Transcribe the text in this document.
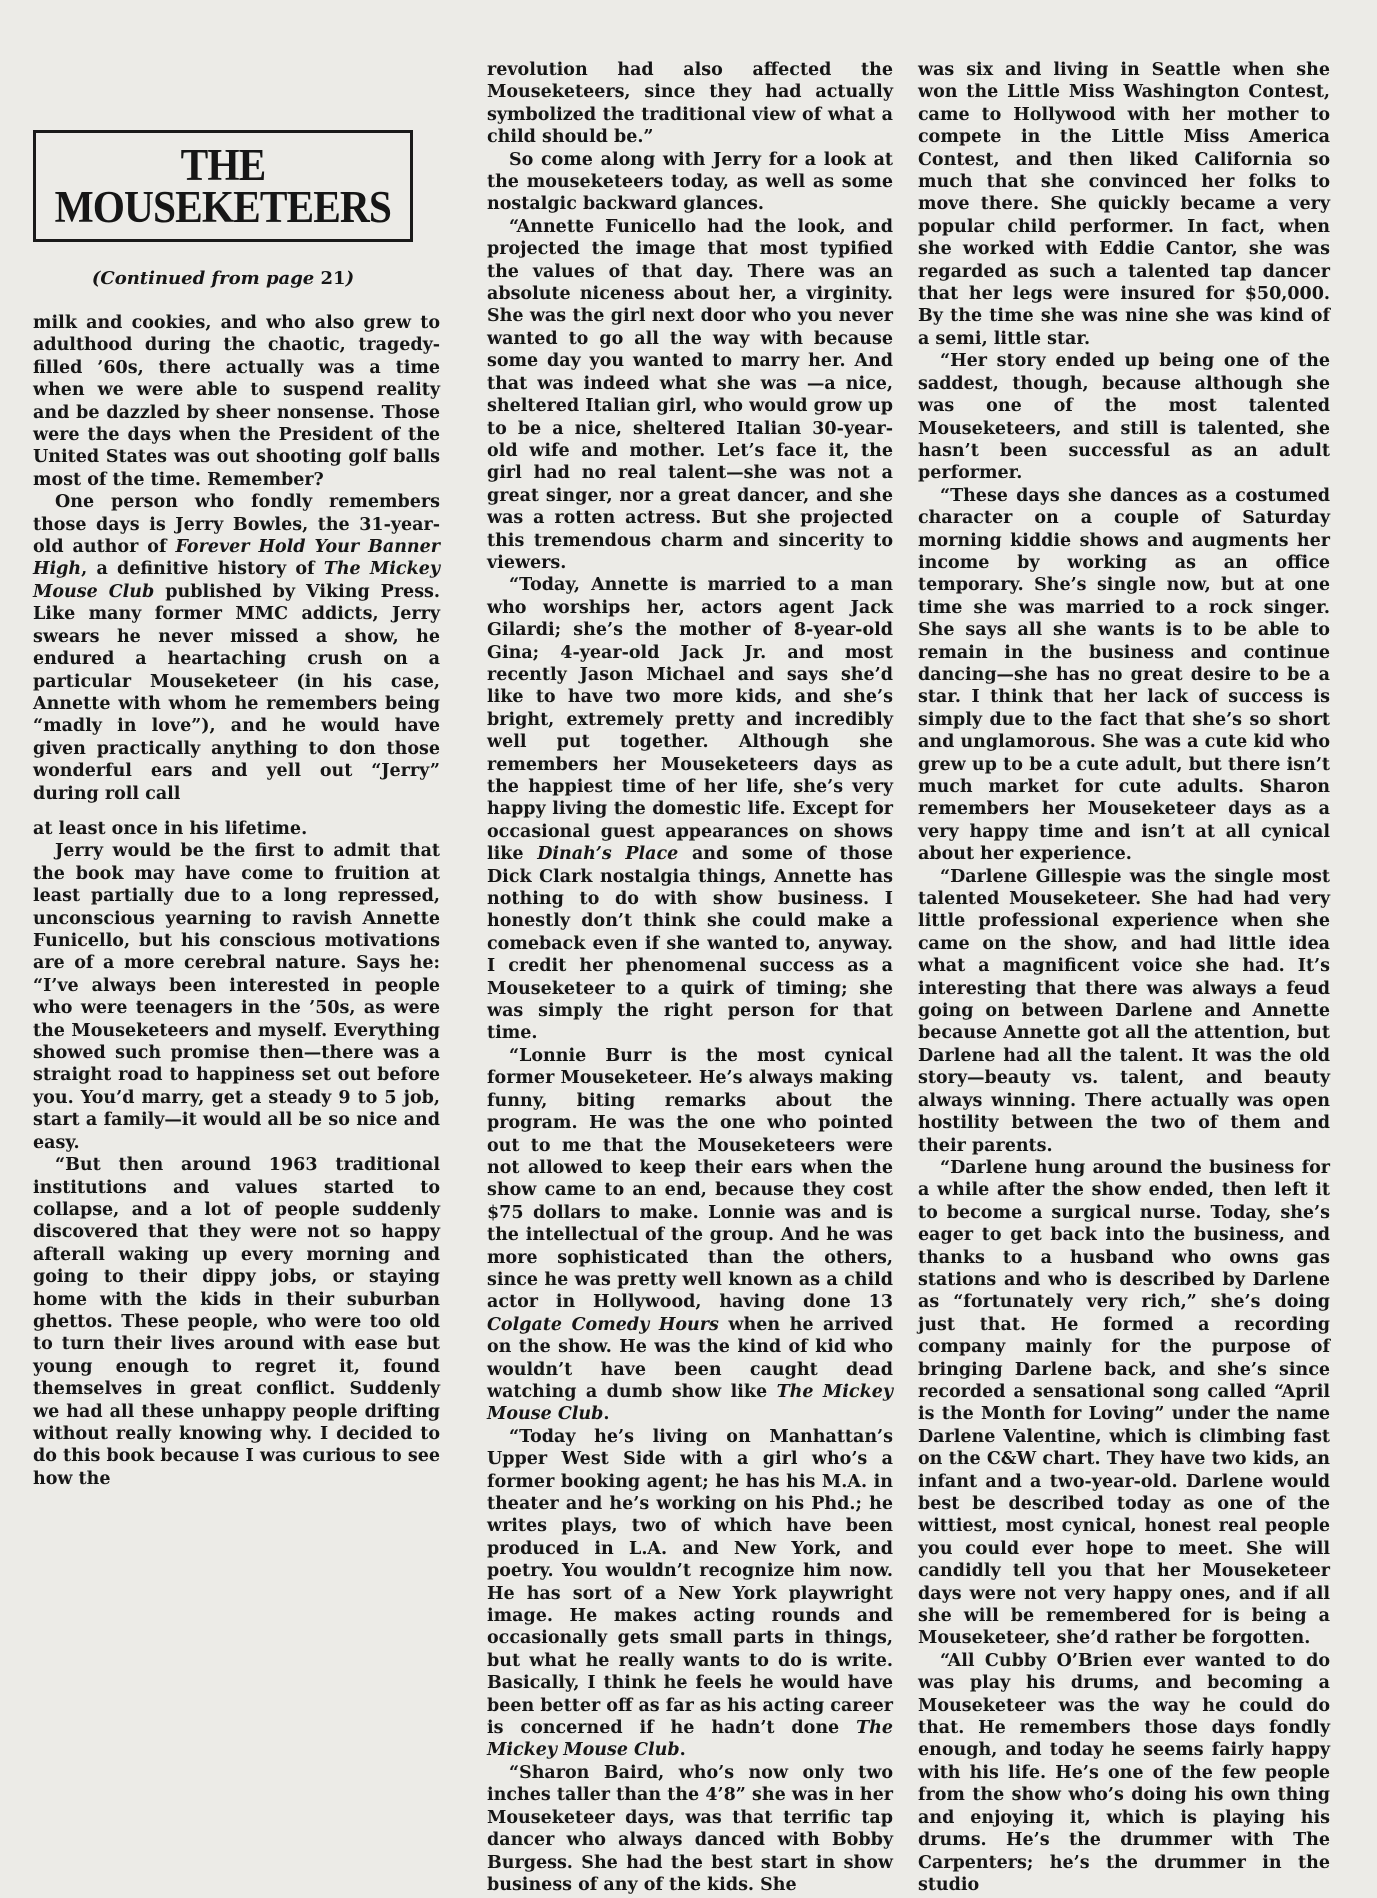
THE
MOUSEKETEERS
(Continued from page 21)

milk and cookies, and who also grew to adulthood during the chaotic, tragedy-filled ’60s, there actually was a time when we were able to suspend reality and be dazzled by sheer nonsense. Those were the days when the President of the United States was out shooting golf balls most of the time. Remember?

One person who fondly remembers those days is Jerry Bowles, the 31-year-old author of Forever Hold Your Banner High, a definitive history of The Mickey Mouse Club published by Viking Press. Like many former MMC addicts, Jerry swears he never missed a show, he endured a heartaching crush on a particular Mouseketeer (in his case, Annette with whom he remembers being “madly in love”), and he would have given practically anything to don those wonderful ears and yell out “Jerry” during roll call

at least once in his lifetime.

Jerry would be the first to admit that the book may have come to fruition at least partially due to a long repressed, unconscious yearning to ravish Annette Funicello, but his conscious motivations are of a more cerebral nature. Says he: “I’ve always been interested in people who were teenagers in the ’50s, as were the Mouseketeers and myself. Everything showed such promise then—there was a straight road to happiness set out before you. You’d marry, get a steady 9 to 5 job, start a family—it would all be so nice and easy.

“But then around 1963 traditional institutions and values started to collapse, and a lot of people suddenly discovered that they were not so happy afterall waking up every morning and going to their dippy jobs, or staying home with the kids in their suburban ghettos. These people, who were too old to turn their lives around with ease but young enough to regret it, found themselves in great conflict. Suddenly we had all these unhappy people drifting without really knowing why. I decided to do this book because I was curious to see how the

revolution had also affected the Mouseketeers, since they had actually symbolized the traditional view of what a child should be.”

So come along with Jerry for a look at the mouseketeers today, as well as some nostalgic backward glances.

“Annette Funicello had the look, and projected the image that most typified the values of that day. There was an absolute niceness about her, a virginity. She was the girl next door who you never wanted to go all the way with because some day you wanted to marry her. And that was indeed what she was —a nice, sheltered Italian girl, who would grow up to be a nice, sheltered Italian 30-year-old wife and mother. Let’s face it, the girl had no real talent—she was not a great singer, nor a great dancer, and she was a rotten actress. But she projected this tremendous charm and sincerity to viewers.

“Today, Annette is married to a man who worships her, actors agent Jack Gilardi; she’s the mother of 8-year-old Gina; 4-year-old Jack Jr. and most recently Jason Michael and says she’d like to have two more kids, and she’s bright, extremely pretty and incredibly well put together. Although she remembers her Mouseketeers days as the happiest time of her life, she’s very happy living the domestic life. Except for occasional guest appearances on shows like Dinah’s Place and some of those Dick Clark nostalgia things, Annette has nothing to do with show business. I honestly don’t think she could make a comeback even if she wanted to, anyway. I credit her phenomenal success as a Mouseketeer to a quirk of timing; she was simply the right person for that time.

“Lonnie Burr is the most cynical former Mouseketeer. He’s always making funny, biting remarks about the program. He was the one who pointed out to me that the Mouseketeers were not allowed to keep their ears when the show came to an end, because they cost $75 dollars to make. Lonnie was and is the intellectual of the group. And he was more sophisticated than the others, since he was pretty well known as a child actor in Hollywood, having done 13 Colgate Comedy Hours when he arrived on the show. He was the kind of kid who wouldn’t have been caught dead watching a dumb show like The Mickey Mouse Club.

“Today he’s living on Manhattan’s Upper West Side with a girl who’s a former booking agent; he has his M.A. in theater and he’s working on his Phd.; he writes plays, two of which have been produced in L.A. and New York, and poetry. You wouldn’t recognize him now. He has sort of a New York playwright image. He makes acting rounds and occasionally gets small parts in things, but what he really wants to do is write. Basically, I think he feels he would have been better off as far as his acting career is concerned if he hadn’t done The Mickey Mouse Club.

“Sharon Baird, who’s now only two inches taller than the 4’8” she was in her Mouseketeer days, was that terrific tap dancer who always danced with Bobby Burgess. She had the best start in show business of any of the kids. She

was six and living in Seattle when she won the Little Miss Washington Contest, came to Hollywood with her mother to compete in the Little Miss America Contest, and then liked California so much that she convinced her folks to move there. She quickly became a very popular child performer. In fact, when she worked with Eddie Cantor, she was regarded as such a talented tap dancer that her legs were insured for $50,000. By the time she was nine she was kind of a semi, little star.

“Her story ended up being one of the saddest, though, because although she was one of the most talented Mouseketeers, and still is talented, she hasn’t been successful as an adult performer.

“These days she dances as a costumed character on a couple of Saturday morning kiddie shows and augments her income by working as an office temporary. She’s single now, but at one time she was married to a rock singer. She says all she wants is to be able to remain in the business and continue dancing—she has no great desire to be a star. I think that her lack of success is simply due to the fact that she’s so short and unglamorous. She was a cute kid who grew up to be a cute adult, but there isn’t much market for cute adults. Sharon remembers her Mouseketeer days as a very happy time and isn’t at all cynical about her experience.

“Darlene Gillespie was the single most talented Mouseketeer. She had had very little professional experience when she came on the show, and had little idea what a magnificent voice she had. It’s interesting that there was always a feud going on between Darlene and Annette because Annette got all the attention, but Darlene had all the talent. It was the old story—beauty vs. talent, and beauty always winning. There actually was open hostility between the two of them and their parents.

“Darlene hung around the business for a while after the show ended, then left it to become a surgical nurse. Today, she’s eager to get back into the business, and thanks to a husband who owns gas stations and who is described by Darlene as “fortunately very rich,” she’s doing just that. He formed a recording company mainly for the purpose of bringing Darlene back, and she’s since recorded a sensational song called “April is the Month for Loving” under the name Darlene Valentine, which is climbing fast on the C&W chart. They have two kids, an infant and a two-year-old. Darlene would best be described today as one of the wittiest, most cynical, honest real people you could ever hope to meet. She will candidly tell you that her Mouseketeer days were not very happy ones, and if all she will be remembered for is being a Mouseketeer, she’d rather be forgotten.

“All Cubby O’Brien ever wanted to do was play his drums, and becoming a Mouseketeer was the way he could do that. He remembers those days fondly enough, and today he seems fairly happy with his life. He’s one of the few people from the show who’s doing his own thing and enjoying it, which is playing his drums. He’s the drummer with The Carpenters; he’s the drummer in the studio
